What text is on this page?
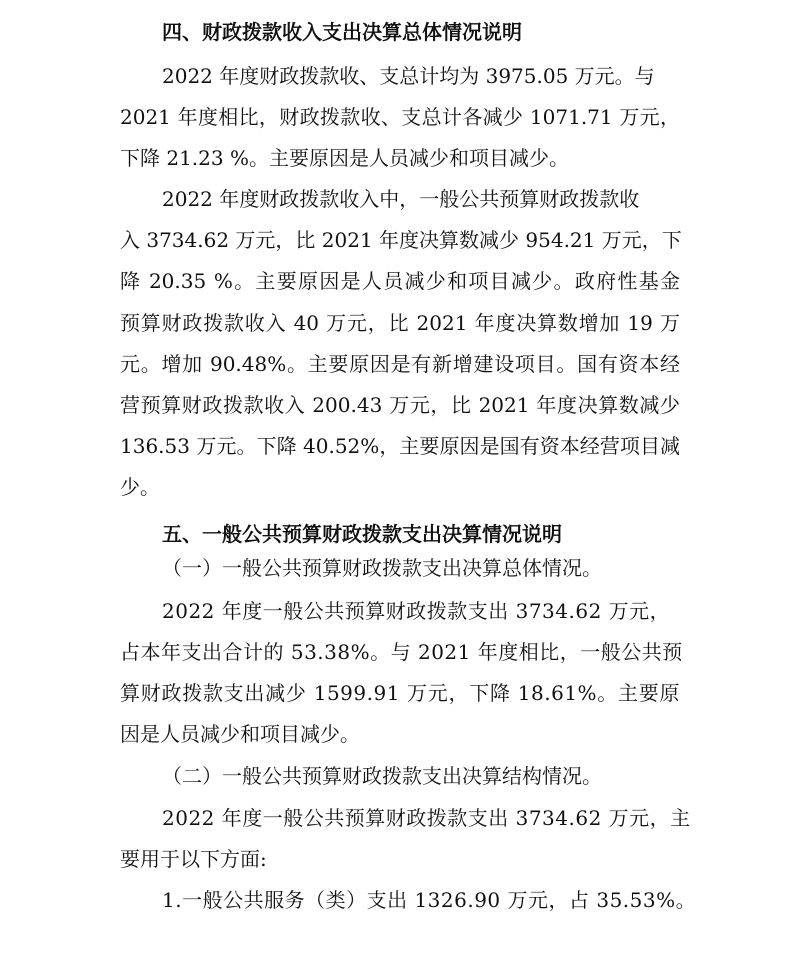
四、财政拨款收入支出决算总体情况说明
2022 年度财政拨款收、支总计均为 3975.05 万元。与
2021 年度相比，财政拨款收、支总计各减少 1071.71 万元，
下降 21.23 %。主要原因是人员减少和项目减少。
2022 年度财政拨款收入中，一般公共预算财政拨款收
入 3734.62 万元，比 2021 年度决算数减少 954.21 万元，下
降 20.35 %。主要原因是人员减少和项目减少。政府性基金
预算财政拨款收入 40 万元，比 2021 年度决算数增加 19 万
元。增加 90.48%。主要原因是有新增建设项目。国有资本经
营预算财政拨款收入 200.43 万元，比 2021 年度决算数减少
136.53 万元。下降 40.52%，主要原因是国有资本经营项目减
少。
五、一般公共预算财政拨款支出决算情况说明
（一）一般公共预算财政拨款支出决算总体情况。
2022 年度一般公共预算财政拨款支出 3734.62 万元，
占本年支出合计的 53.38%。与 2021 年度相比，一般公共预
算财政拨款支出减少 1599.91 万元，下降 18.61%。主要原
因是人员减少和项目减少。
（二）一般公共预算财政拨款支出决算结构情况。
2022 年度一般公共预算财政拨款支出 3734.62 万元，主
要用于以下方面:
1.一般公共服务（类）支出 1326.90 万元，占 35.53%。
